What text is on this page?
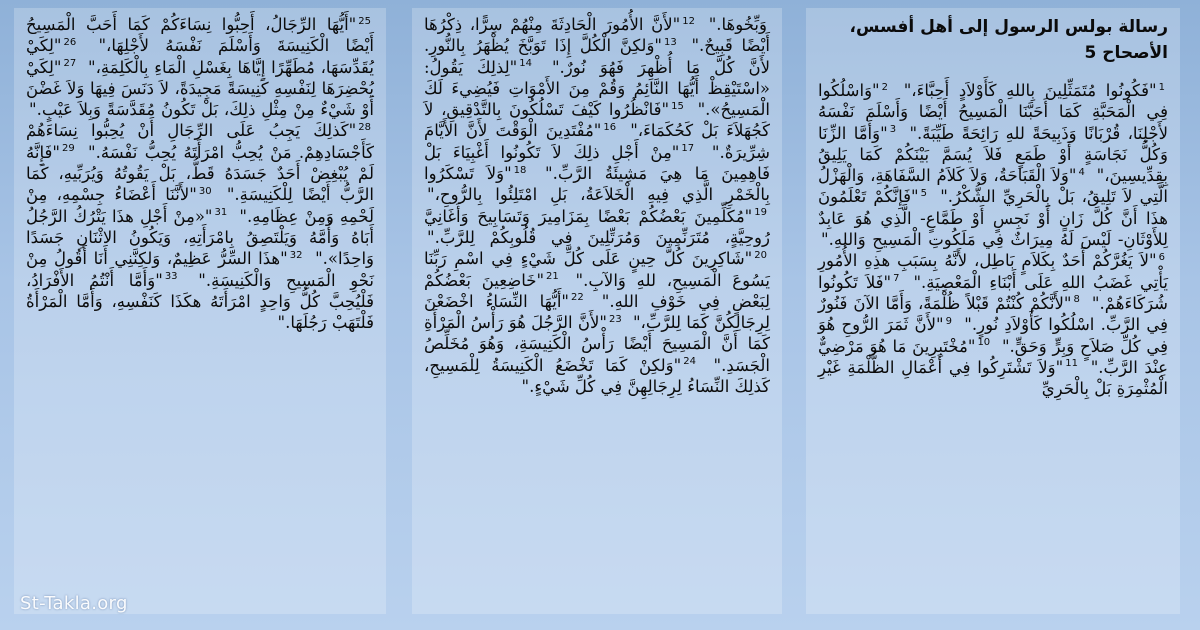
$^{25}$"أَيُّهَا الرِّجَالُ، أَحِبُّوا نِسَاءَكُمْ كَمَا أَحَبَّ الْمَسِيحُ أَيْضًا الْكَنِيسَةَ وَأَسْلَمَ نَفْسَهُ لأَجْلِهَا،" $^{26}$"لِكَيْ يُقَدِّسَهَا، مُطَهِّرًا إِيَّاهَا بِغَسْلِ الْمَاءِ بِالْكَلِمَةِ،" $^{27}$"لِكَيْ يُحْضِرَهَا لِنَفْسِهِ كَنِيسَةً مَجِيدَةً، لاَ دَنَسَ فِيهَا وَلاَ غَضْنَ أَوْ شَيْءٌ مِنْ مِثْلِ ذلِكَ، بَلْ تَكُونُ مُقَدَّسَةً وَبِلاَ عَيْبٍ." $^{28}$"كَذلِكَ يَجِبُ عَلَى الرِّجَالِ أَنْ يُحِبُّوا نِسَاءَهُمْ كَأَجْسَادِهِمْ. مَنْ يُحِبُّ امْرَأَتَهُ يُحِبُّ نَفْسَهُ." $^{29}$"فَإِنَّهُ لَمْ يُبْغِضْ أَحَدٌ جَسَدَهُ قَطُّ، بَلْ يَقُوتُهُ وَيُرَبِّيهِ، كَمَا الرَّبُّ أَيْضًا لِلْكَنِيسَةِ." $^{30}$"لأَنَّنَا أَعْضَاءُ جِسْمِهِ، مِنْ لَحْمِهِ وَمِنْ عِظَامِهِ." $^{31}$"«مِنْ أَجْلِ هذَا يَتْرُكُ الرَّجُلُ أَبَاهُ وَأُمَّهُ وَيَلْتَصِقُ بِامْرَأَتِهِ، وَيَكُونُ الاثْنَانِ جَسَدًا وَاحِدًا»." $^{32}$"هذَا السِّرُّ عَظِيمٌ، وَلكِنَّنِي أَنَا أَقُولُ مِنْ نَحْوِ الْمَسِيحِ وَالْكَنِيسَةِ." $^{33}$"وَأَمَّا أَنْتُمُ الأَفْرَادُ، فَلْيُحِبَّ كُلُّ وَاحِدٍ امْرَأَتَهُ هكَذَا كَنَفْسِهِ، وَأَمَّا الْمَرْأَةُ فَلْتَهَبْ رَجُلَهَا."
وَبِّخُوهَا." $^{12}$"لأَنَّ الأُمُورَ الْحَادِثَةَ مِنْهُمْ سِرًّا، ذِكْرُهَا أَيْضًا قَبِيحٌ." $^{13}$"وَلكِنَّ الْكُلَّ إِذَا تَوَبَّخَ يُظْهَرُ بِالنُّورِ. لأَنَّ كُلَّ مَا أُظْهِرَ فَهُوَ نُورٌ." $^{14}$"لِذلِكَ يَقُولُ: «اسْتَيْقِظْ أَيُّهَا النَّائِمُ وَقُمْ مِنَ الأَمْوَاتِ فَيُضِيءَ لَكَ الْمَسِيحُ»." $^{15}$"فَانْظُرُوا كَيْفَ تَسْلُكُونَ بِالتَّدْقِيقِ، لاَ كَجُهَلاَءَ بَلْ كَحُكَمَاءَ،" $^{16}$"مُفْتَدِينَ الْوَقْتَ لأَنَّ الأَيَّامَ شِرِّيرَةٌ." $^{17}$"مِنْ أَجْلِ ذلِكَ لاَ تَكُونُوا أَغْبِيَاءَ بَلْ فَاهِمِينَ مَا هِيَ مَشِيئَةُ الرَّبِّ." $^{18}$"وَلاَ تَسْكَرُوا بِالْخَمْرِ الَّذِي فِيهِ الْخَلاَعَةُ، بَلِ امْتَلِئُوا بِالرُّوحِ،" $^{19}$"مُكَلِّمِينَ بَعْضُكُمْ بَعْضًا بِمَزَامِيرَ وَتَسَابِيحَ وَأَغَانِيَّ رُوحِيَّةٍ، مُتَرَنِّمِينَ وَمُرَتِّلِينَ فِي قُلُوبِكُمْ لِلرَّبِّ." $^{20}$"شَاكِرِينَ كُلَّ حِينٍ عَلَى كُلِّ شَيْءٍ فِي اسْمِ رَبِّنَا يَسُوعَ الْمَسِيحِ، للهِ وَالآبِ." $^{21}$"خَاضِعِينَ بَعْضُكُمْ لِبَعْضٍ فِي خَوْفِ اللهِ." $^{22}$"أَيُّهَا النِّسَاءُ اخْضَعْنَ لِرِجَالِكُنَّ كَمَا لِلرَّبِّ،" $^{23}$"لأَنَّ الرَّجُلَ هُوَ رَأْسُ الْمَرْأَةِ كَمَا أَنَّ الْمَسِيحَ أَيْضًا رَأْسُ الْكَنِيسَةِ، وَهُوَ مُخَلِّصُ الْجَسَدِ." $^{24}$"وَلكِنْ كَمَا تَخْضَعُ الْكَنِيسَةُ لِلْمَسِيحِ، كَذلِكَ النِّسَاءُ لِرِجَالِهِنَّ فِي كُلِّ شَيْءٍ."
رسالة بولس الرسول إلى أهل أفسس،
الأصحاح 5
$^1$"فَكُونُوا مُتَمَثِّلِينَ بِاللهِ كَأَوْلاَدٍ أَحِبَّاءَ،" $^2$"وَاسْلُكُوا فِي الْمَحَبَّةِ كَمَا أَحَبَّنَا الْمَسِيحُ أَيْضًا وَأَسْلَمَ نَفْسَهُ لأَجْلِنَا، قُرْبَانًا وَذَبِيحَةً للهِ رَائِحَةً طَيِّبَةً." $^3$"وَأَمَّا الزِّنَا وَكُلُّ نَجَاسَةٍ أَوْ طَمَعٍ فَلاَ يُسَمَّ بَيْنَكُمْ كَمَا يَلِيقُ بِقِدِّيسِينَ،" $^4$"وَلاَ الْقَبَاحَةُ، وَلاَ كَلاَمُ السَّفَاهَةِ، وَالْهَزْلُ الَّتِي لاَ تَلِيقُ، بَلْ بِالْحَرِيِّ الشُّكْرُ." $^5$"فَإِنَّكُمْ تَعْلَمُونَ هذَا أَنَّ كُلَّ زَانٍ أَوْ نَجِسٍ أَوْ طَمَّاعٍ- الَّذِي هُوَ عَابِدٌ لِلأَوْثَانِ- لَيْسَ لَهُ مِيرَاثٌ فِي مَلَكُوتِ الْمَسِيحِ وَاللهِ." $^6$"لاَ يَغُرَّكُمْ أَحَدٌ بِكَلاَمٍ بَاطِل، لأَنَّهُ بِسَبَبِ هذِهِ الأُمُورِ يَأْتِي غَضَبُ اللهِ عَلَى أَبْنَاءِ الْمَعْصِيَةِ." $^7$"فَلاَ تَكُونُوا شُرَكَاءَهُمْ." $^8$"لأَنَّكُمْ كُنْتُمْ قَبْلاً ظُلْمَةً، وَأَمَّا الآنَ فَنُورٌ فِي الرَّبِّ. اسْلُكُوا كَأَوْلاَدِ نُورٍ." $^9$"لأَنَّ ثَمَرَ الرُّوحِ هُوَ فِي كُلِّ صَلاَحٍ وَبِرٍّ وَحَقٍّ." $^{10}$"مُخْتَبِرِينَ مَا هُوَ مَرْضِيٌّ عِنْدَ الرَّبِّ." $^{11}$"وَلاَ تَشْتَرِكُوا فِي أَعْمَالِ الظُّلْمَةِ غَيْرِ الْمُثْمِرَةِ بَلْ بِالْحَرِيِّ
St-Takla.org
